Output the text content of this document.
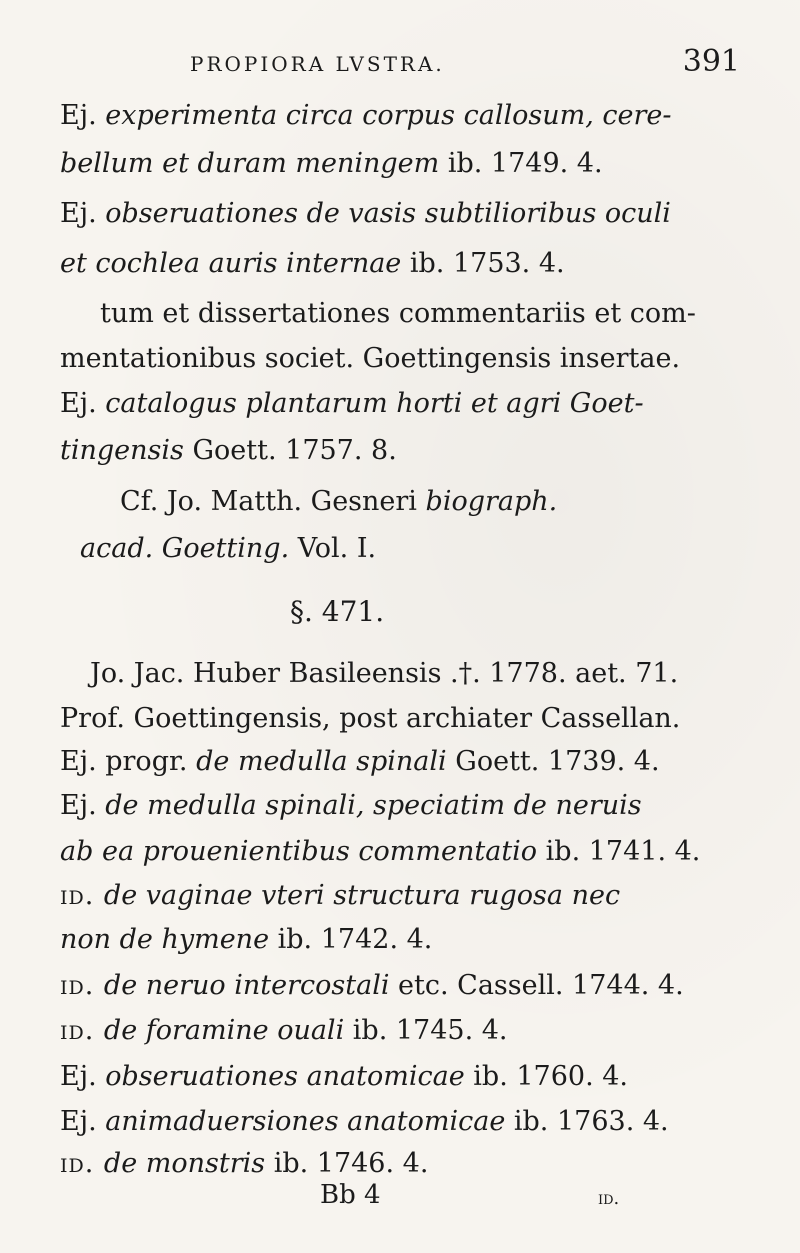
PROPIORA LVSTRA.	391
Ej. experimenta circa corpus callosum, cere-
bellum et duram meningem ib. 1749. 4.
Ej. obseruationes de vasis subtilioribus oculi
et cochlea auris internae ib. 1753. 4.
tum et dissertationes commentariis et com-
mentationibus societ. Goettingensis insertae.
Ej. catalogus plantarum horti et agri Goet-
tingensis Goett. 1757. 8.
Cf. Jo. Matth. Gesneri biograph.
acad. Goetting. Vol. I.
§. 471.
Jo. Jac. Huber Basileensis .†. 1778. aet. 71.
Prof. Goettingensis, post archiater Cassellan.
Ej. progr. de medulla spinali Goett. 1739. 4.
Ej. de medulla spinali, speciatim de neruis
ab ea prouenientibus commentatio ib. 1741. 4.
id. de vaginae vteri structura rugosa nec
non de hymene ib. 1742. 4.
id. de neruo intercostali etc. Cassell. 1744. 4.
id. de foramine ouali ib. 1745. 4.
Ej. obseruationes anatomicae ib. 1760. 4.
Ej. animaduersiones anatomicae ib. 1763. 4.
id. de monstris ib. 1746. 4.
Bb 4	id.
